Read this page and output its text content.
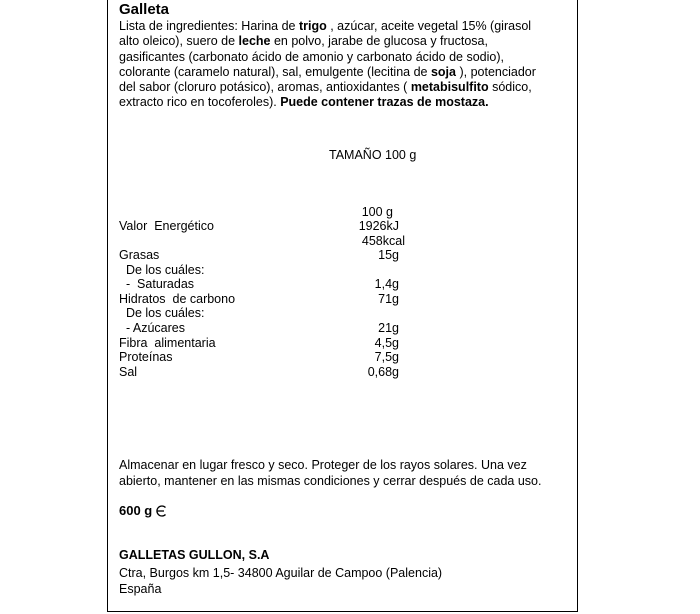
Galleta
Lista de ingredientes: Harina de trigo , azúcar, aceite vegetal 15% (girasol alto oleico), suero de leche en polvo, jarabe de glucosa y fructosa, gasificantes (carbonato ácido de amonio y carbonato ácido de sodio), colorante (caramelo natural), sal, emulgente (lecitina de soja ), potenciador del sabor (cloruro potásico), aromas, antioxidantes ( metabisulfito sódico, extracto rico en tocoferoles). Puede contener trazas de mostaza.
TAMAÑO 100 g
100 g
Valor  Energético	1926kJ
458kcal
Grasas	15g
De los cuáles:
-  Saturadas	1,4g
Hidratos  de carbono	71g
De los cuáles:
- Azúcares	21g
Fibra  alimentaria	4,5g
Proteínas	7,5g
Sal	0,68g
Almacenar en lugar fresco y seco. Proteger de los rayos solares. Una vez abierto, mantener en las mismas condiciones y cerrar después de cada uso.
600 g
GALLETAS GULLON, S.A
Ctra, Burgos km 1,5- 34800 Aguilar de Campoo (Palencia)
España
